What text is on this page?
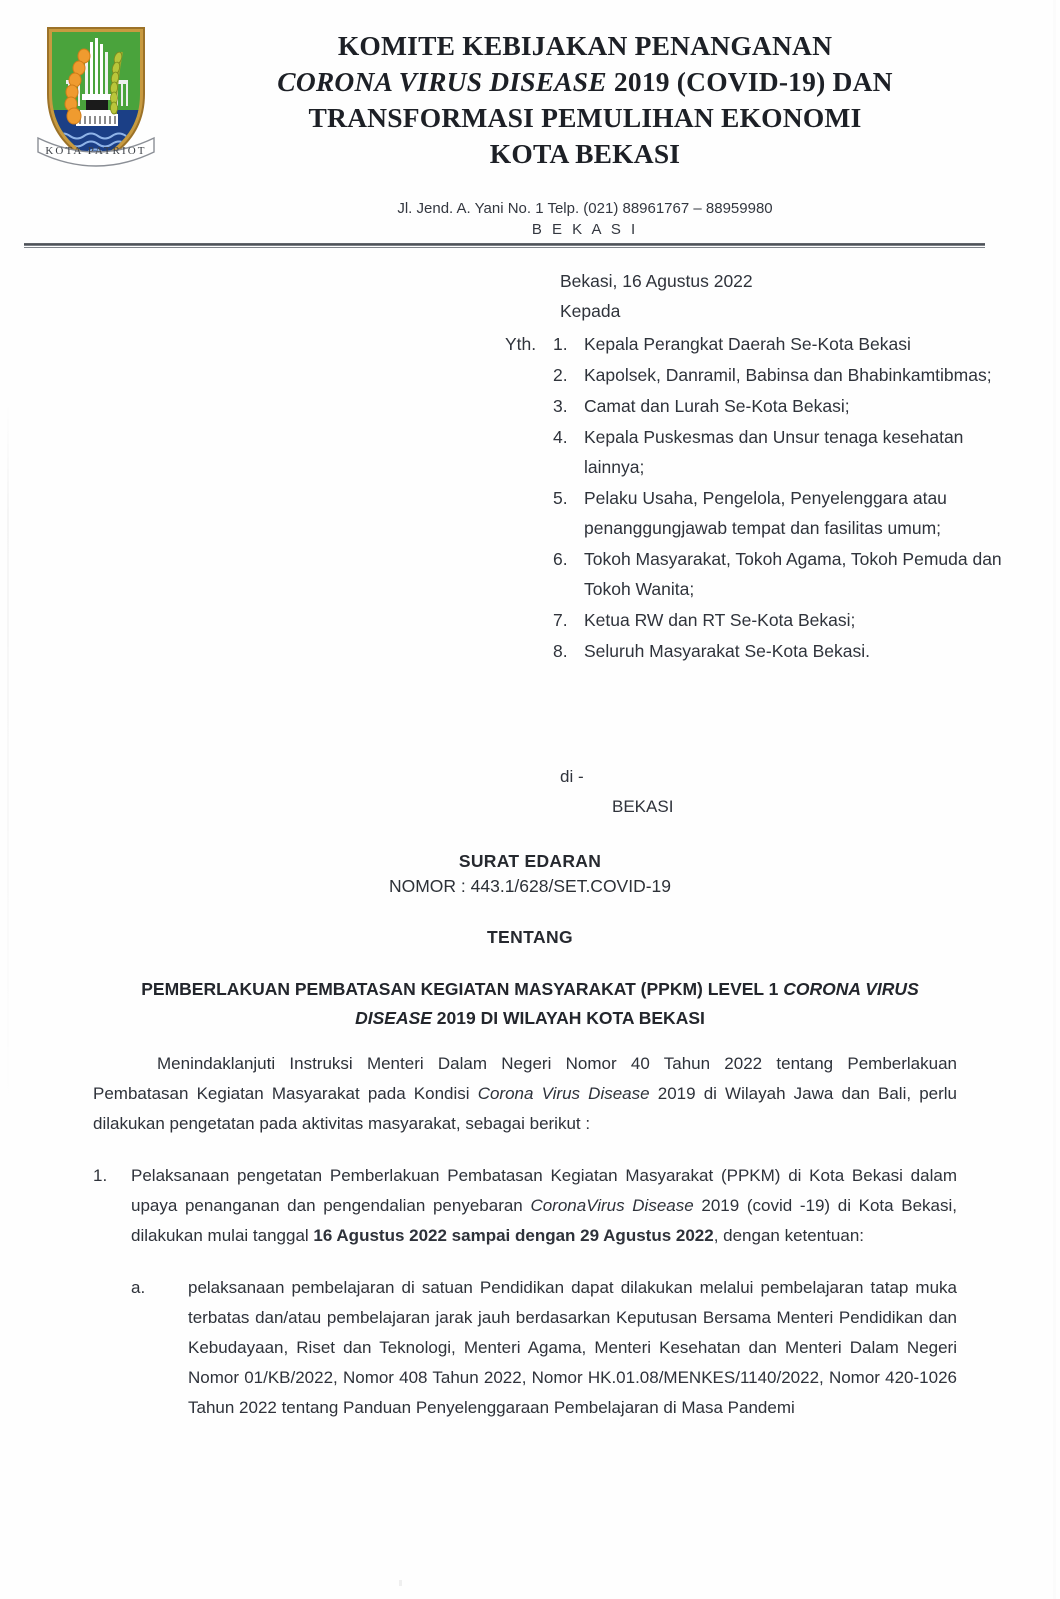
KOTA PATRIOT
KOMITE KEBIJAKAN PENANGANAN
CORONA VIRUS DISEASE 2019 (COVID-19) DAN
TRANSFORMASI PEMULIHAN EKONOMI
KOTA BEKASI
Jl. Jend. A. Yani No. 1 Telp. (021) 88961767 – 88959980
B E K A S I
Bekasi, 16 Agustus 2022
Kepada
Yth. 1. Kepala Perangkat Daerah Se-Kota Bekasi
2. Kapolsek, Danramil, Babinsa dan Bhabinkamtibmas;
3. Camat dan Lurah Se-Kota Bekasi;
4. Kepala Puskesmas dan Unsur tenaga kesehatan lainnya;
5. Pelaku Usaha, Pengelola, Penyelenggara atau penanggungjawab tempat dan fasilitas umum;
6. Tokoh Masyarakat, Tokoh Agama, Tokoh Pemuda dan Tokoh Wanita;
7. Ketua RW dan RT Se-Kota Bekasi;
8. Seluruh Masyarakat Se-Kota Bekasi.
di -
BEKASI
SURAT EDARAN
NOMOR : 443.1/628/SET.COVID-19
TENTANG
PEMBERLAKUAN PEMBATASAN KEGIATAN MASYARAKAT (PPKM) LEVEL 1 CORONA VIRUS DISEASE 2019 DI WILAYAH KOTA BEKASI

Menindaklanjuti Instruksi Menteri Dalam Negeri Nomor 40 Tahun 2022 tentang Pemberlakuan Pembatasan Kegiatan Masyarakat pada Kondisi Corona Virus Disease 2019 di Wilayah Jawa dan Bali, perlu dilakukan pengetatan pada aktivitas masyarakat, sebagai berikut :

1.	Pelaksanaan pengetatan Pemberlakuan Pembatasan Kegiatan Masyarakat (PPKM) di Kota Bekasi dalam upaya penanganan dan pengendalian penyebaran CoronaVirus Disease 2019 (covid -19) di Kota Bekasi, dilakukan mulai tanggal 16 Agustus 2022 sampai dengan 29 Agustus 2022, dengan ketentuan:
a.	pelaksanaan pembelajaran di satuan Pendidikan dapat dilakukan melalui pembelajaran tatap muka terbatas dan/atau pembelajaran jarak jauh berdasarkan Keputusan Bersama Menteri Pendidikan dan Kebudayaan, Riset dan Teknologi, Menteri Agama, Menteri Kesehatan dan Menteri Dalam Negeri Nomor 01/KB/2022, Nomor 408 Tahun 2022, Nomor HK.01.08/MENKES/1140/2022, Nomor 420-1026 Tahun 2022 tentang Panduan Penyelenggaraan Pembelajaran di Masa Pandemi
